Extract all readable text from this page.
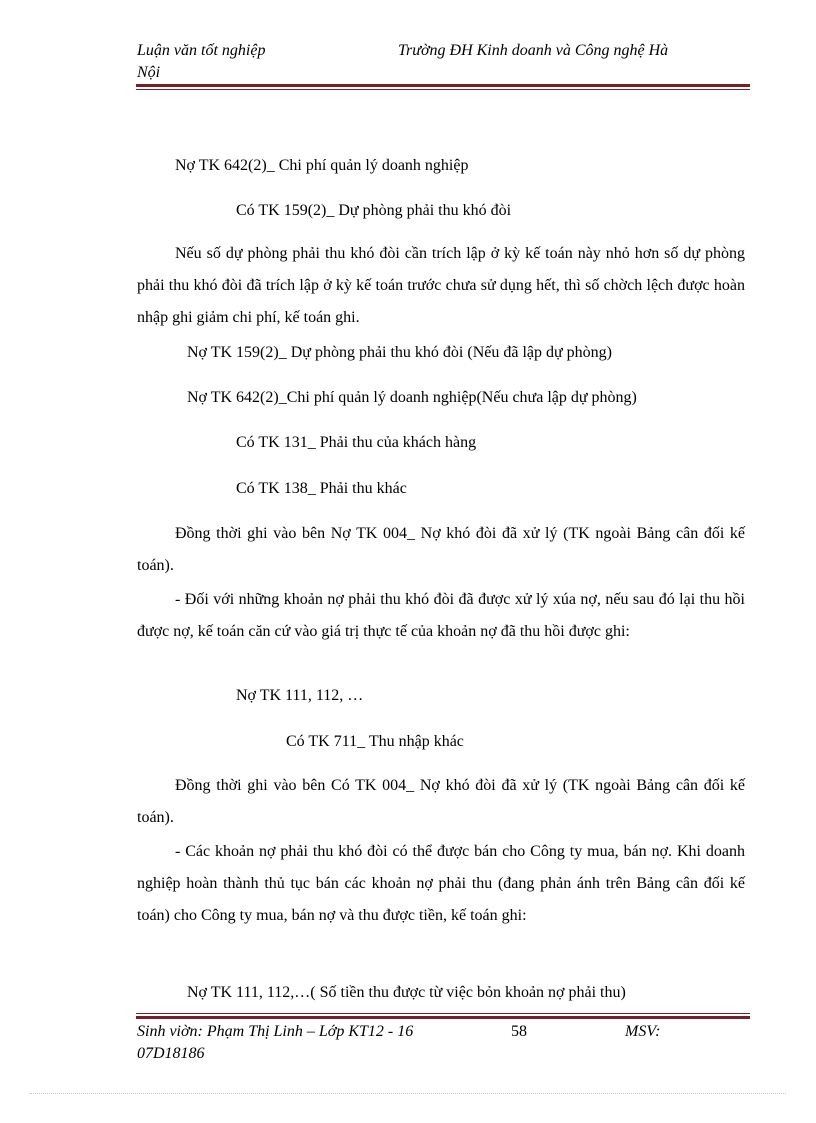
Luận văn tốt nghiệp	Trường ĐH Kinh doanh và Công nghệ Hà
Nội
Nợ TK 642(2)_ Chi phí quản lý doanh nghiệp
Có TK 159(2)_ Dự phòng phải thu khó đòi

Nếu số dự phòng phải thu khó đòi cần trích lập ở kỳ kế toán này nhỏ hơn số dự phòng phải thu khó đòi đã trích lập ở kỳ kế toán trước chưa sử dụng hết, thì số chờch lệch được hoàn nhập ghi giảm chi phí, kế toán ghi.

Nợ TK 159(2)_ Dự phòng phải thu khó đòi (Nếu đã lập dự phòng)
Nợ TK 642(2)_Chi phí quản lý doanh nghiệp(Nếu chưa lập dự phòng)
Có TK 131_ Phải thu của khách hàng
Có TK 138_ Phải thu khác

Đồng thời ghi vào bên Nợ TK 004_ Nợ khó đòi đã xử lý (TK ngoài Bảng cân đối kế toán).

- Đối với những khoản nợ phải thu khó đòi đã được xử lý xúa nợ, nếu sau đó lại thu hồi được nợ, kế toán căn cứ vào giá trị thực tế của khoản nợ đã thu hồi được ghi:

Nợ TK 111, 112, …
Có TK 711_ Thu nhập khác

Đồng thời ghi vào bên Có TK 004_ Nợ khó đòi đã xử lý (TK ngoài Bảng cân đối kế toán).

- Các khoản nợ phải thu khó đòi có thể được bán cho Công ty mua, bán nợ. Khi doanh nghiệp hoàn thành thủ tục bán các khoản nợ phải thu (đang phản ánh trên Bảng cân đối kế toán) cho Công ty mua, bán nợ và thu được tiền, kế toán ghi:

Nợ TK 111, 112,…( Số tiền thu được từ việc bỏn khoản nợ phải thu)
Sinh viờn: Phạm Thị Linh – Lớp KT12 - 16	58	MSV:
07D18186
